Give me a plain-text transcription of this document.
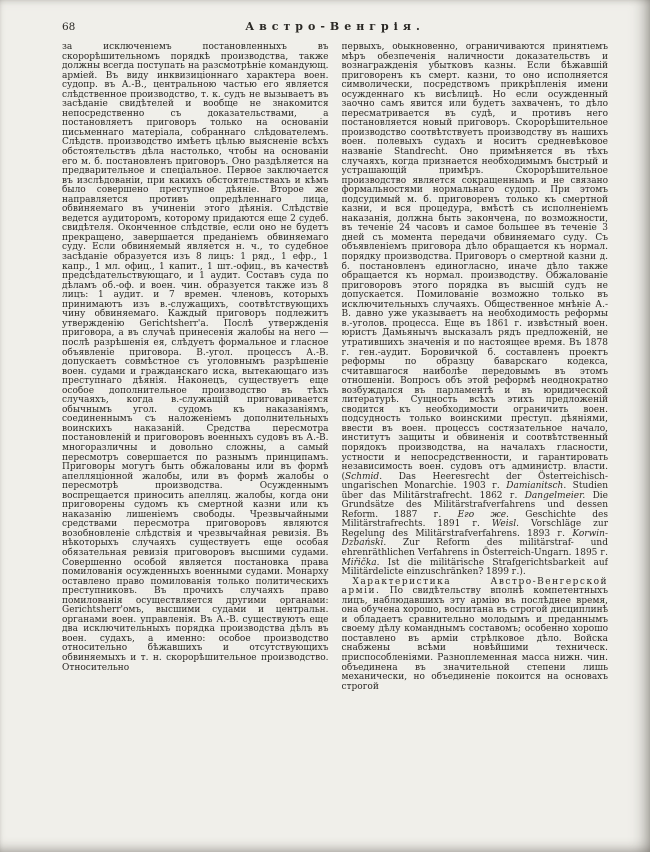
68	Австро-Венгрія.

за исключеніемъ постановленныхъ въ скорорѣшительномъ порядкѣ производства, также должны всегда поступать на разсмотрѣніе командующ. арміей. Въ виду инквизиціоннаго характера воен. судопр. въ А.-В., центральною частью его является слѣдственное производство, т. к. судъ не вызываетъ въ засѣданіе свидѣтелей и вообще не знакомится непосредственно съ доказательствами, а постановляетъ приговоръ только на основаніи письменнаго матеріала, собраннаго слѣдователемъ. Слѣдств. производство имѣетъ цѣлью выясненіе всѣхъ обстоятельствъ дѣла настолько, чтобы на основаніи его м. б. постановленъ приговоръ. Оно раздѣляется на предварительное и спеціальное. Первое заключается въ изслѣдованіи, при какихъ обстоятельствахъ и кѣмъ было совершено преступное дѣяніе. Второе же направляется противъ опредѣленнаго лица, обвиняемаго въ учиненіи этого дѣянія. Слѣдствіе ведется аудиторомъ, которому придаются еще 2 судеб. свидѣтеля. Оконченное слѣдствіе, если оно не будетъ прекращено, завершается преданіемъ обвиняемаго суду. Если обвиняемый является н. ч., то судебное засѣданіе образуется изъ 8 лицъ: 1 ряд., 1 ефр., 1 капр., 1 мл. офиц., 1 капит., 1 шт.-офиц., въ качествѣ предсѣдательствующаго, и 1 аудит. Составъ суда по дѣламъ об.-оф. и воен. чин. образуется также изъ 8 лицъ: 1 аудит. и 7 времен. членовъ, которыхъ принимаютъ изъ в.-служащихъ, соотвѣтствующихъ чину обвиняемаго. Каждый приговоръ подлежитъ утвержденію Gerichtsherr'а. Послѣ утвержденія приговора, а въ случаѣ принесенія жалобы на него — послѣ разрѣшенія ея, слѣдуетъ формальное и гласное объявленіе приговора. В.-угол. процессъ А.-В. допускаетъ совмѣстное съ уголовнымъ разрѣшеніе воен. судами и гражданскаго иска, вытекающаго изъ преступнаго дѣянія. Наконецъ, существуетъ еще особое дополнительное производство въ тѣхъ случаяхъ, когда в.-служащій приговаривается обычнымъ угол. судомъ къ наказаніямъ, соединеннымъ съ наложеніемъ дополнительныхъ воинскихъ наказаній. Средства пересмотра постановленій и приговоровъ военныхъ судовъ въ А.-В. многоразличны и довольно сложны, а самый пересмотръ совершается по разнымъ принципамъ. Приговоры могутъ быть обжалованы или въ формѣ апелляціонной жалобы, или въ формѣ жалобы о пересмотрѣ производства. Осужденнымъ воспрещается приносить апелляц. жалобы, когда они приговорены судомъ къ смертной казни или къ наказанію лишеніемъ свободы. Чрезвычайными средствами пересмотра приговоровъ являются возобновленіе слѣдствія и чрезвычайная ревизія. Въ нѣкоторыхъ случаяхъ существуетъ еще особая обязательная ревизія приговоровъ высшими судами. Совершенно особой является постановка права помилованія осужденныхъ военными судами. Монарху оставлено право помилованія только политическихъ преступниковъ. Въ прочихъ случаяхъ право помилованія осуществляется другими органами: Gerichtsherr'омъ, высшими судами и центральн. органами воен. управленія. Въ А.-В. существуютъ еще два исключительныхъ порядка производства дѣлъ въ воен. судахъ, а именно: особое производство относительно бѣжавшихъ и отсутствующихъ обвиняемыхъ и т. н. скорорѣшительное производство. Относительно

первыхъ, обыкновенно, ограничиваются принятіемъ мѣръ обезпеченія наличности доказательствъ и вознагражденія убытковъ казны. Если бѣжавшій приговоренъ къ смерт. казни, то оно исполняется символически, посредствомъ прикрѣпленія имени осужденнаго къ висѣлицѣ. Но если осужденный заочно самъ явится или будетъ захваченъ, то дѣло пересматривается въ судѣ, и противъ него постановляется новый приговоръ. Скорорѣшительное производство соотвѣтствуетъ производству въ нашихъ воен. полевыхъ судахъ и носитъ средневѣковое названіе Standrecht. Оно примѣняется въ тѣхъ случаяхъ, когда признается необходимымъ быстрый и устрашающій примѣръ. Скорорѣшительное производство является сокращеннымъ и не связано формальностями нормальнаго судопр. При этомъ подсудимый м. б. приговоренъ только къ смертной казни, и вся процедура, вмѣстѣ съ исполненіемъ наказанія, должна быть закончена, по возможности, въ теченіе 24 часовъ и самое большее въ теченіе 3 дней съ момента передачи обвиняемаго суду. Съ объявленіемъ приговора дѣло обращается къ нормал. порядку производства. Приговоръ о смертной казни д. б. постановленъ единогласно, иначе дѣло также обращается къ нормал. производству. Обжалованіе приговоровъ этого порядка въ высшій судъ не допускается. Помилованіе возможно только въ исключительныхъ случаяхъ. Общественное мнѣніе А.-В. давно уже указываетъ на необходимость реформы в.-уголов. процесса. Еще въ 1861 г. извѣстный воен. юристъ Дамьянычъ высказалъ рядъ предложеній, не утратившихъ значенія и по настоящее время. Въ 1878 г. ген.-аудит. Боровичкой б. составленъ проектъ реформы по образцу баварскаго кодекса, считавшагося наиболѣе передовымъ въ этомъ отношеніи. Вопросъ объ этой реформѣ неоднократно возбуждался въ парламентѣ и въ юридической литературѣ. Сущность всѣхъ этихъ предложеній сводится къ необходимости ограничить воен. подсудность только воинскими преступ. дѣяніями, ввести въ воен. процессъ состязательное начало, институтъ защиты и обвиненія и соотвѣтственный порядокъ производства, на началахъ гласности, устности и непосредственности, и гарантировать независимость воен. судовъ отъ администр. власти. (Schmid. Das Heeresrecht der Österreichisch-ungarischen Monarchie. 1903 г. Damianitsch. Studien über das Militärstrafrecht. 1862 г. Dangelmeier. Die Grundsätze des Militärstrafverfahrens und dessen Reform. 1887 г. Его же. Geschichte des Militärstrafrechts. 1891 г. Weisl. Vorschläge zur Regelung des Militärstrafverfahrens. 1893 г. Korwin-Dzbański. Zur Reform des militärstraf- und ehrenräthlichen Verfahrens in Österreich-Ungarn. 1895 г. Miřička. Ist die militärische Strafgerichtsbarkeit auf Militärdelicte einzuschränken? 1899 г.).

Характеристика Австро-Венгерской арміи. По свидѣтельству вполнѣ компетентныхъ лицъ, наблюдавшихъ эту армію въ послѣднее время, она обучена хорошо, воспитана въ строгой дисциплинѣ и обладаетъ сравнительно молодымъ и преданнымъ своему дѣлу команднымъ составомъ; особенно хорошо поставлено въ арміи стрѣлковое дѣло. Войска снабжены всѣми новѣйшими техническ. приспособленіями. Разноплеменная масса нижн. чин. объединена въ значительной степени лишь механически, но объединеніе покоится на основахъ строгой
